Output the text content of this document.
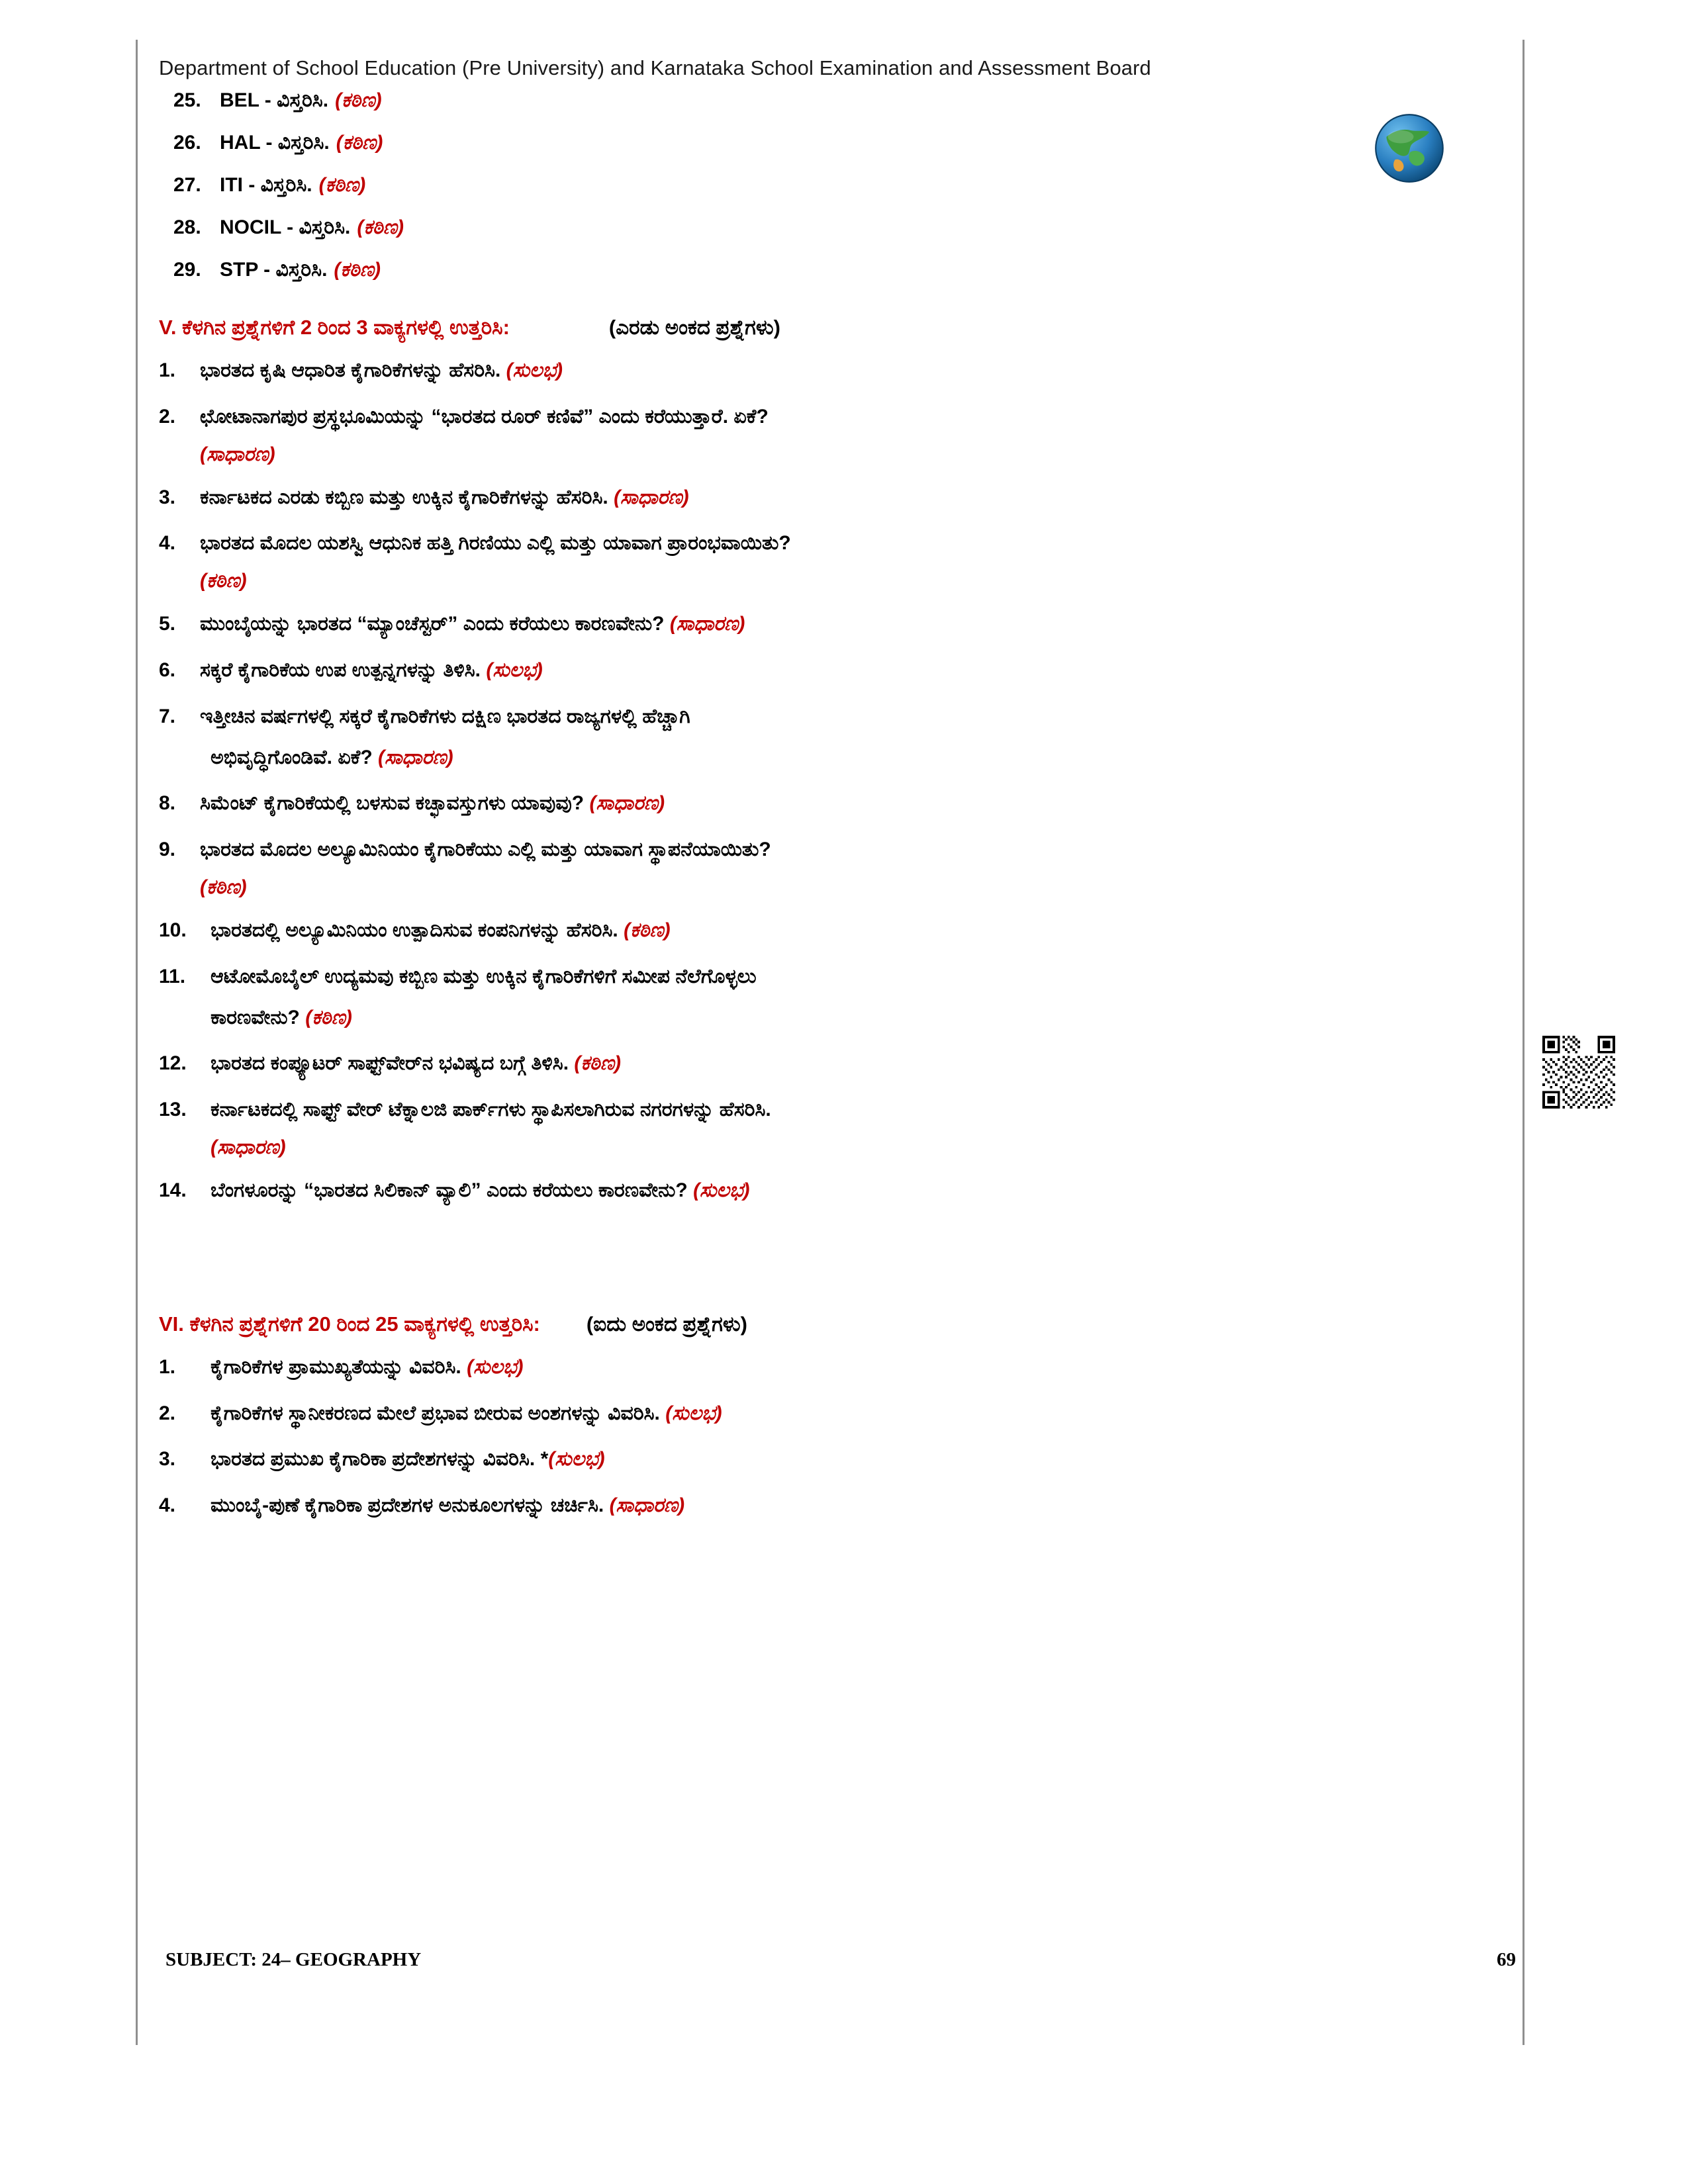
Department of School Education (Pre University) and Karnataka School Examination and Assessment Board
25. BEL - ವಿಸ್ತರಿಸಿ. (ಕಠಿಣ)
26. HAL - ವಿಸ್ತರಿಸಿ. (ಕಠಿಣ)
27. ITI - ವಿಸ್ತರಿಸಿ. (ಕಠಿಣ)
28. NOCIL - ವಿಸ್ತರಿಸಿ. (ಕಠಿಣ)
29. STP - ವಿಸ್ತರಿಸಿ. (ಕಠಿಣ)
V. ಕೆಳಗಿನ ಪ್ರಶ್ನೆಗಳಿಗೆ 2 ರಿಂದ 3 ವಾಕ್ಯಗಳಲ್ಲಿ ಉತ್ತರಿಸಿ:	(ಎರಡು ಅಂಕದ ಪ್ರಶ್ನೆಗಳು)
1.	ಭಾರತದ ಕೃಷಿ ಆಧಾರಿತ ಕೈಗಾರಿಕೆಗಳನ್ನು ಹೆಸರಿಸಿ. (ಸುಲಭ)
2.	ಛೋಟಾನಾಗಪುರ ಪ್ರಸ್ಥಭೂಮಿಯನ್ನು “ಭಾರತದ ರೂರ್ ಕಣಿವೆ” ಎಂದು ಕರೆಯುತ್ತಾರೆ. ಏಕೆ?
(ಸಾಧಾರಣ)
3.	ಕರ್ನಾಟಕದ ಎರಡು ಕಬ್ಬಿಣ ಮತ್ತು ಉಕ್ಕಿನ ಕೈಗಾರಿಕೆಗಳನ್ನು ಹೆಸರಿಸಿ. (ಸಾಧಾರಣ)
4.	ಭಾರತದ ಮೊದಲ ಯಶಸ್ವಿ ಆಧುನಿಕ ಹತ್ತಿ ಗಿರಣಿಯು ಎಲ್ಲಿ ಮತ್ತು ಯಾವಾಗ ಪ್ರಾರಂಭವಾಯಿತು?
(ಕಠಿಣ)
5.	ಮುಂಬೈಯನ್ನು ಭಾರತದ “ಮ್ಯಾಂಚೆಸ್ಟರ್” ಎಂದು ಕರೆಯಲು ಕಾರಣವೇನು? (ಸಾಧಾರಣ)
6.	ಸಕ್ಕರೆ ಕೈಗಾರಿಕೆಯ ಉಪ ಉತ್ಪನ್ನಗಳನ್ನು ತಿಳಿಸಿ. (ಸುಲಭ)
7.	ಇತ್ತೀಚಿನ ವರ್ಷಗಳಲ್ಲಿ ಸಕ್ಕರೆ ಕೈಗಾರಿಕೆಗಳು ದಕ್ಷಿಣ ಭಾರತದ ರಾಜ್ಯಗಳಲ್ಲಿ ಹೆಚ್ಚಾಗಿ
ಅಭಿವೃದ್ಧಿಗೊಂಡಿವೆ. ಏಕೆ? (ಸಾಧಾರಣ)
8.	ಸಿಮೆಂಟ್ ಕೈಗಾರಿಕೆಯಲ್ಲಿ ಬಳಸುವ ಕಚ್ಛಾವಸ್ತುಗಳು ಯಾವುವು? (ಸಾಧಾರಣ)
9.	ಭಾರತದ ಮೊದಲ ಅಲ್ಯೂಮಿನಿಯಂ ಕೈಗಾರಿಕೆಯು ಎಲ್ಲಿ ಮತ್ತು ಯಾವಾಗ ಸ್ಥಾಪನೆಯಾಯಿತು?
(ಕಠಿಣ)
10.	ಭಾರತದಲ್ಲಿ ಅಲ್ಯೂಮಿನಿಯಂ ಉತ್ಪಾದಿಸುವ ಕಂಪನಿಗಳನ್ನು ಹೆಸರಿಸಿ. (ಕಠಿಣ)
11.	ಆಟೋಮೊಬೈಲ್ ಉದ್ಯಮವು ಕಬ್ಬಿಣ ಮತ್ತು ಉಕ್ಕಿನ ಕೈಗಾರಿಕೆಗಳಿಗೆ ಸಮೀಪ ನೆಲೆಗೊಳ್ಳಲು
ಕಾರಣವೇನು? (ಕಠಿಣ)
12.	ಭಾರತದ ಕಂಪ್ಯೂಟರ್ ಸಾಫ್ಟ್‌ವೇರ್‌ನ ಭವಿಷ್ಯದ ಬಗ್ಗೆ ತಿಳಿಸಿ. (ಕಠಿಣ)
13.	ಕರ್ನಾಟಕದಲ್ಲಿ ಸಾಫ್ಟ್ ವೇರ್ ಟೆಕ್ನಾಲಜಿ ಪಾರ್ಕ್‌ಗಳು ಸ್ಥಾಪಿಸಲಾಗಿರುವ ನಗರಗಳನ್ನು ಹೆಸರಿಸಿ.
(ಸಾಧಾರಣ)
14.	ಬೆಂಗಳೂರನ್ನು “ಭಾರತದ ಸಿಲಿಕಾನ್ ವ್ಯಾಲಿ” ಎಂದು ಕರೆಯಲು ಕಾರಣವೇನು? (ಸುಲಭ)
VI. ಕೆಳಗಿನ ಪ್ರಶ್ನೆಗಳಿಗೆ 20 ರಿಂದ 25 ವಾಕ್ಯಗಳಲ್ಲಿ ಉತ್ತರಿಸಿ: (ಐದು ಅಂಕದ ಪ್ರಶ್ನೆಗಳು)
1.	ಕೈಗಾರಿಕೆಗಳ ಪ್ರಾಮುಖ್ಯತೆಯನ್ನು ವಿವರಿಸಿ. (ಸುಲಭ)
2.	ಕೈಗಾರಿಕೆಗಳ ಸ್ಥಾನೀಕರಣದ ಮೇಲೆ ಪ್ರಭಾವ ಬೀರುವ ಅಂಶಗಳನ್ನು ವಿವರಿಸಿ. (ಸುಲಭ)
3.	ಭಾರತದ ಪ್ರಮುಖ ಕೈಗಾರಿಕಾ ಪ್ರದೇಶಗಳನ್ನು ವಿವರಿಸಿ. *(ಸುಲಭ)
4.	ಮುಂಬೈ-ಪುಣೆ ಕೈಗಾರಿಕಾ ಪ್ರದೇಶಗಳ ಅನುಕೂಲಗಳನ್ನು ಚರ್ಚಿಸಿ. (ಸಾಧಾರಣ)
SUBJECT: 24– GEOGRAPHY	69
